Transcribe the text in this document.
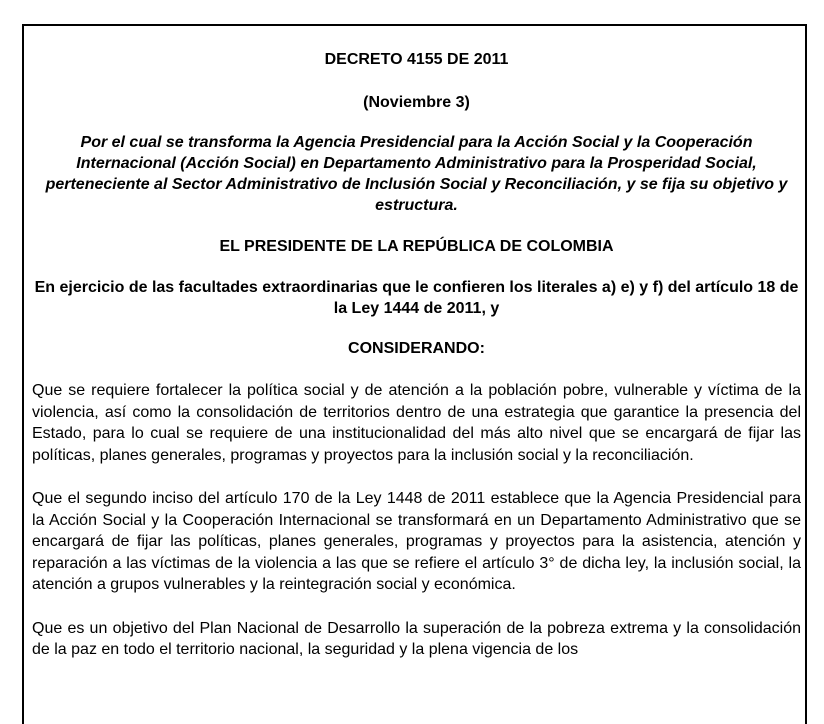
DECRETO 4155 DE 2011

(Noviembre 3)

Por el cual se transforma la Agencia Presidencial para la Acción Social y la Cooperación Internacional (Acción Social) en Departamento Administrativo para la Prosperidad Social, perteneciente al Sector Administrativo de Inclusión Social y Reconciliación, y se fija su objetivo y estructura.

EL PRESIDENTE DE LA REPÚBLICA DE COLOMBIA

En ejercicio de las facultades extraordinarias que le confieren los literales a) e) y f) del artículo 18 de la Ley 1444 de 2011, y

CONSIDERANDO:

Que se requiere fortalecer la política social y de atención a la población pobre, vulnerable y víctima de la violencia, así como la consolidación de territorios dentro de una estrategia que garantice la presencia del Estado, para lo cual se requiere de una institucionalidad del más alto nivel que se encargará de fijar las políticas, planes generales, programas y proyectos para la inclusión social y la reconciliación.

Que el segundo inciso del artículo 170 de la Ley 1448 de 2011 establece que la Agencia Presidencial para la Acción Social y la Cooperación Internacional se transformará en un Departamento Administrativo que se encargará de fijar las políticas, planes generales, programas y proyectos para la asistencia, atención y reparación a las víctimas de la violencia a las que se refiere el artículo 3° de dicha ley, la inclusión social, la atención a grupos vulnerables y la reintegración social y económica.

Que es un objetivo del Plan Nacional de Desarrollo la superación de la pobreza extrema y la consolidación de la paz en todo el territorio nacional, la seguridad y la plena vigencia de los
